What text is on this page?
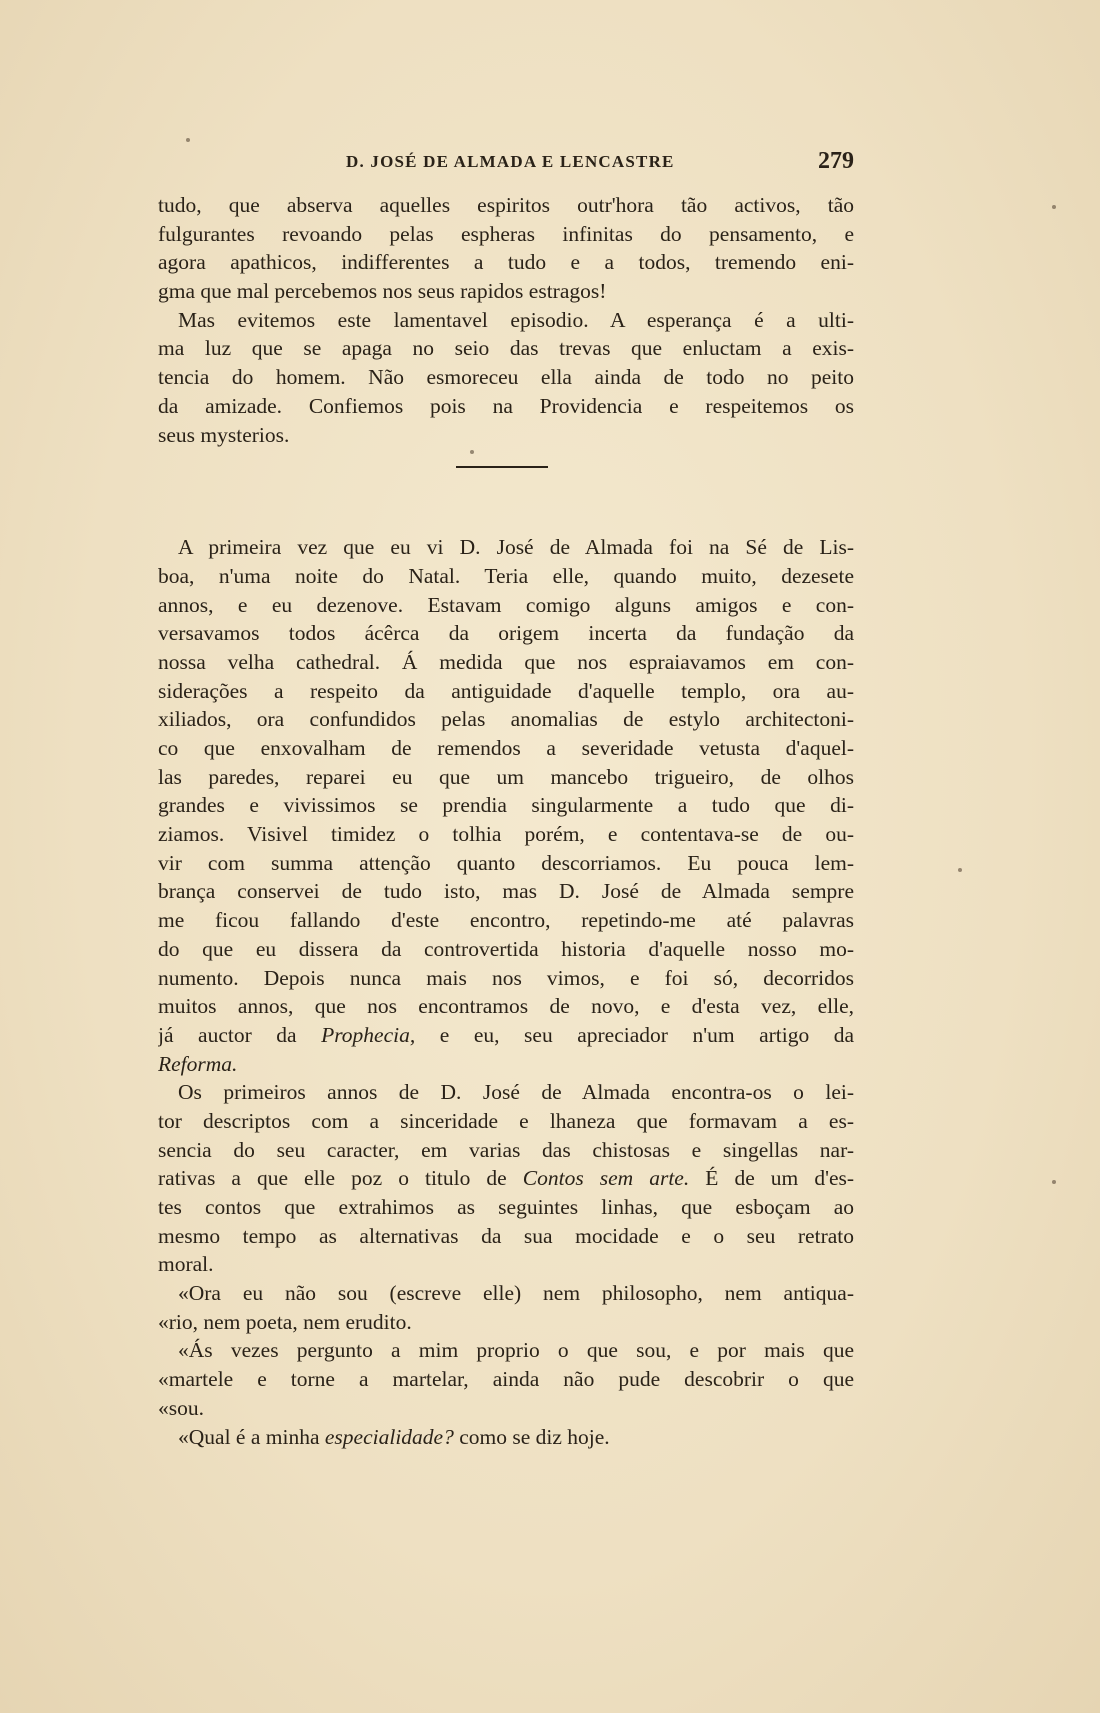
D. JOSÉ DE ALMADA E LENCASTRE	279
tudo, que abserva aquelles espiritos outr'hora tão activos, tão
fulgurantes revoando pelas espheras infinitas do pensamento, e
agora apathicos, indifferentes a tudo e a todos, tremendo eni-
gma que mal percebemos nos seus rapidos estragos!
Mas evitemos este lamentavel episodio. A esperança é a ulti-
ma luz que se apaga no seio das trevas que enluctam a exis-
tencia do homem. Não esmoreceu ella ainda de todo no peito
da amizade. Confiemos pois na Providencia e respeitemos os
seus mysterios.
A primeira vez que eu vi D. José de Almada foi na Sé de Lis-
boa, n'uma noite do Natal. Teria elle, quando muito, dezesete
annos, e eu dezenove. Estavam comigo alguns amigos e con-
versavamos todos ácêrca da origem incerta da fundação da
nossa velha cathedral. Á medida que nos espraiavamos em con-
siderações a respeito da antiguidade d'aquelle templo, ora au-
xiliados, ora confundidos pelas anomalias de estylo architectoni-
co que enxovalham de remendos a severidade vetusta d'aquel-
las paredes, reparei eu que um mancebo trigueiro, de olhos
grandes e vivissimos se prendia singularmente a tudo que di-
ziamos. Visivel timidez o tolhia porém, e contentava-se de ou-
vir com summa attenção quanto descorriamos. Eu pouca lem-
brança conservei de tudo isto, mas D. José de Almada sempre
me ficou fallando d'este encontro, repetindo-me até palavras
do que eu dissera da controvertida historia d'aquelle nosso mo-
numento. Depois nunca mais nos vimos, e foi só, decorridos
muitos annos, que nos encontramos de novo, e d'esta vez, elle,
já auctor da Prophecia, e eu, seu apreciador n'um artigo da
Reforma.
Os primeiros annos de D. José de Almada encontra-os o lei-
tor descriptos com a sinceridade e lhaneza que formavam a es-
sencia do seu caracter, em varias das chistosas e singellas nar-
rativas a que elle poz o titulo de Contos sem arte. É de um d'es-
tes contos que extrahimos as seguintes linhas, que esboçam ao
mesmo tempo as alternativas da sua mocidade e o seu retrato
moral.
«Ora eu não sou (escreve elle) nem philosopho, nem antiqua-
«rio, nem poeta, nem erudito.
«Ás vezes pergunto a mim proprio o que sou, e por mais que
«martele e torne a martelar, ainda não pude descobrir o que
«sou.
«Qual é a minha especialidade? como se diz hoje.
